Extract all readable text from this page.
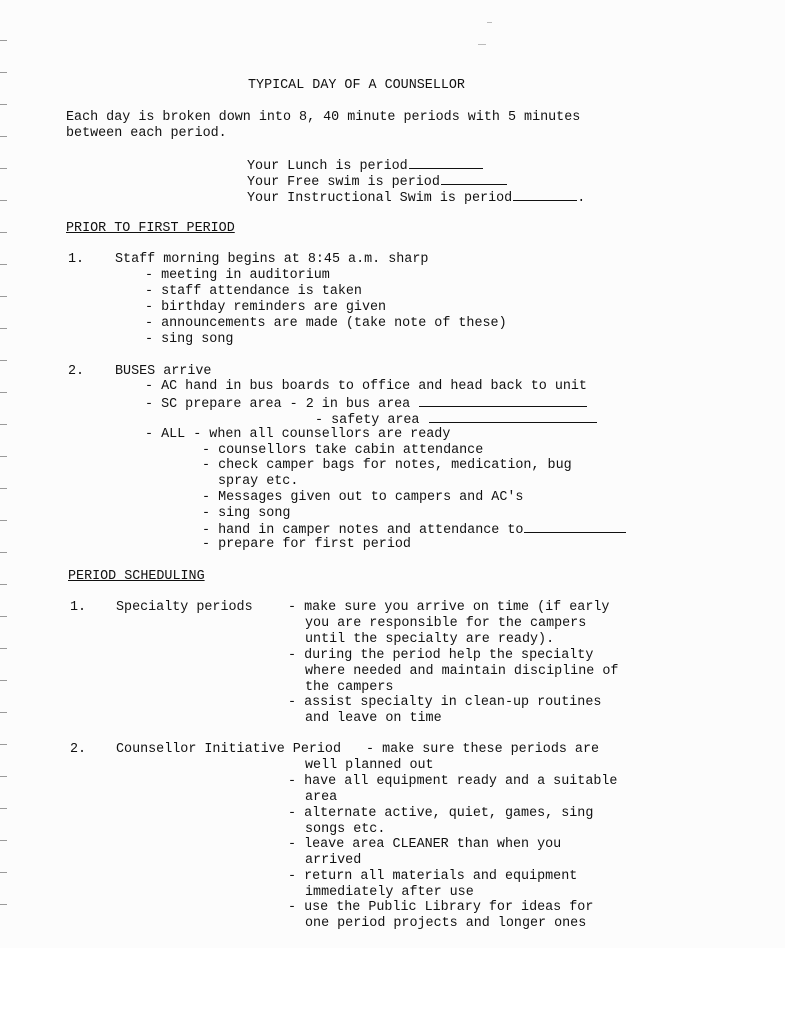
TYPICAL DAY OF A COUNSELLOR
Each day is broken down into 8, 40 minute periods with 5 minutes
between each period.
Your Lunch is period
Your Free swim is period
Your Instructional Swim is period	.
PRIOR TO FIRST PERIOD
1. Staff morning begins at 8:45 a.m. sharp
- meeting in auditorium
- staff attendance is taken
- birthday reminders are given
- announcements are made (take note of these)
- sing song
2. BUSES arrive
- AC hand in bus boards to office and head back to unit
- SC prepare area - 2 in bus area
- safety area
- ALL - when all counsellors are ready
- counsellors take cabin attendance
- check camper bags for notes, medication, bug
spray etc.
- Messages given out to campers and AC's
- sing song
- hand in camper notes and attendance to
- prepare for first period
PERIOD SCHEDULING
1. Specialty periods	- make sure you arrive on time (if early
you are responsible for the campers
until the specialty are ready).
- during the period help the specialty
where needed and maintain discipline of
the campers
- assist specialty in clean-up routines
and leave on time
2. Counsellor Initiative Period - make sure these periods are
well planned out
- have all equipment ready and a suitable
area
- alternate active, quiet, games, sing
songs etc.
- leave area CLEANER than when you
arrived
- return all materials and equipment
immediately after use
- use the Public Library for ideas for
one period projects and longer ones
